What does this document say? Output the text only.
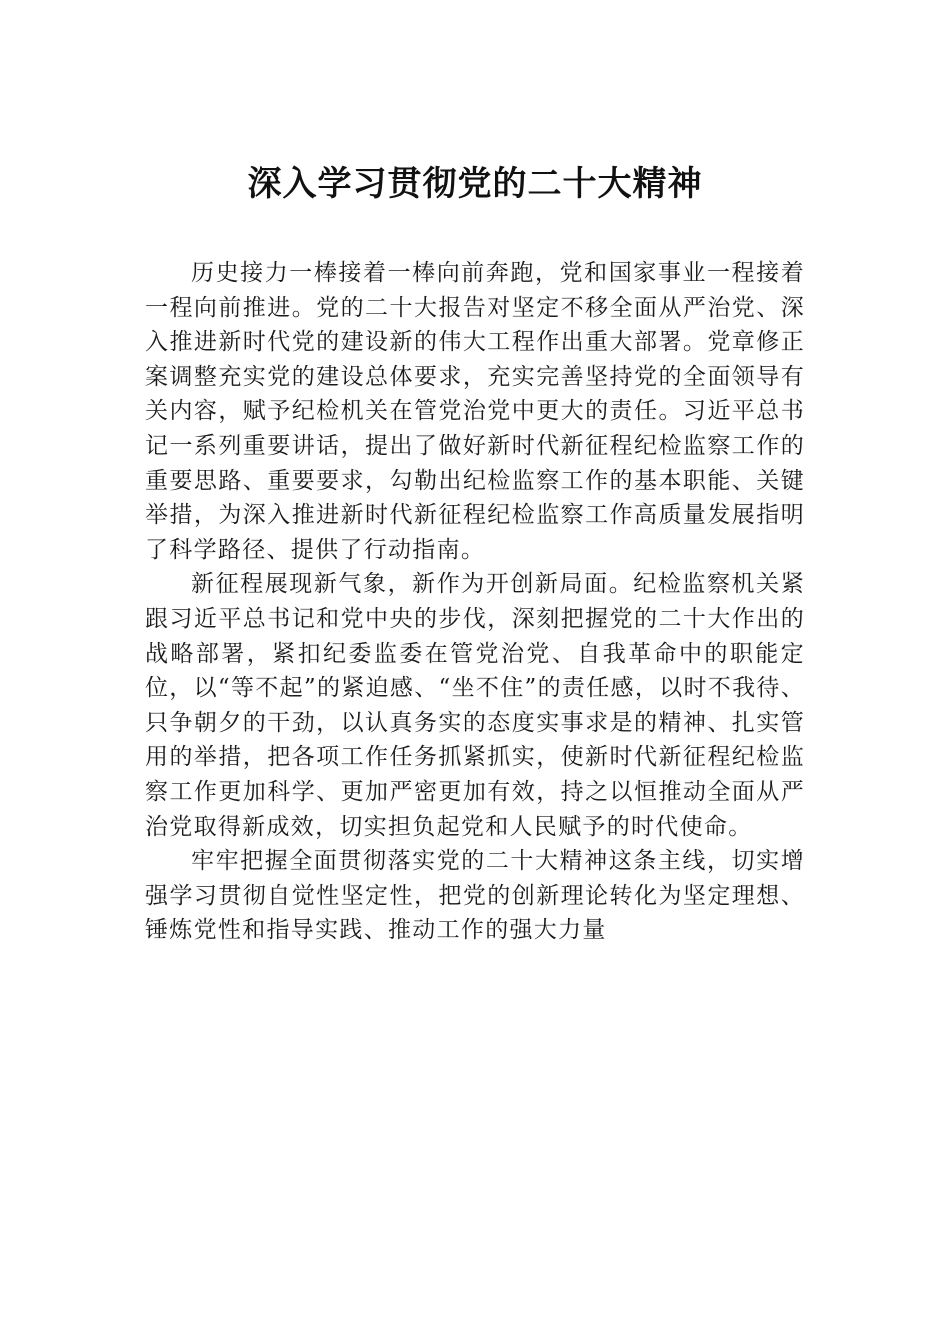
深入学习贯彻党的二十大精神

历史接力一棒接着一棒向前奔跑，党和国家事业一程接着一程向前推进。党的二十大报告对坚定不移全面从严治党、深入推进新时代党的建设新的伟大工程作出重大部署。党章修正案调整充实党的建设总体要求，充实完善坚持党的全面领导有关内容，赋予纪检机关在管党治党中更大的责任。习近平总书记一系列重要讲话，提出了做好新时代新征程纪检监察工作的重要思路、重要要求，勾勒出纪检监察工作的基本职能、关键举措，为深入推进新时代新征程纪检监察工作高质量发展指明了科学路径、提供了行动指南。

新征程展现新气象，新作为开创新局面。纪检监察机关紧跟习近平总书记和党中央的步伐，深刻把握党的二十大作出的战略部署，紧扣纪委监委在管党治党、自我革命中的职能定位，以“等不起”的紧迫感、“坐不住”的责任感，以时不我待、只争朝夕的干劲，以认真务实的态度实事求是的精神、扎实管用的举措，把各项工作任务抓紧抓实，使新时代新征程纪检监察工作更加科学、更加严密更加有效，持之以恒推动全面从严治党取得新成效，切实担负起党和人民赋予的时代使命。

牢牢把握全面贯彻落实党的二十大精神这条主线，切实增强学习贯彻自觉性坚定性，把党的创新理论转化为坚定理想、锤炼党性和指导实践、推动工作的强大力量
